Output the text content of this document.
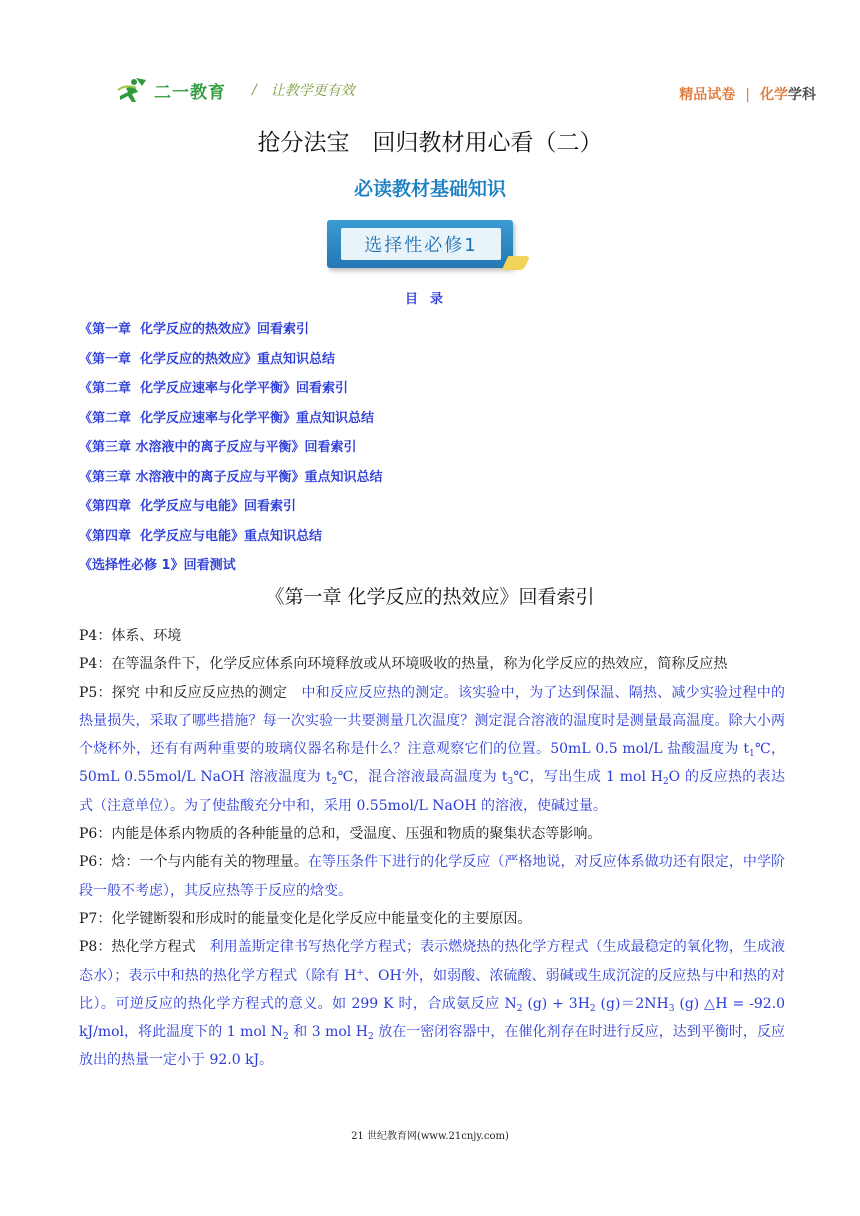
二一教育 / 让教学更有效	精品试卷 | 化学学科
抢分法宝　回归教材用心看（二）
必读教材基础知识
选择性必修1
目录
《第一章  化学反应的热效应》回看索引
《第一章  化学反应的热效应》重点知识总结
《第二章  化学反应速率与化学平衡》回看索引
《第二章  化学反应速率与化学平衡》重点知识总结
《第三章 水溶液中的离子反应与平衡》回看索引
《第三章 水溶液中的离子反应与平衡》重点知识总结
《第四章  化学反应与电能》回看索引
《第四章  化学反应与电能》重点知识总结
《选择性必修 1》回看测试
《第一章 化学反应的热效应》回看索引

P4：体系、环境

P4：在等温条件下，化学反应体系向环境释放或从环境吸收的热量，称为化学反应的热效应，简称反应热

P5：探究 中和反应反应热的测定　 中和反应反应热的测定。该实验中，为了达到保温、隔热、减少实验过程中的热量损失，采取了哪些措施？每一次实验一共要测量几次温度？测定混合溶液的温度时是测量最高温度。除大小两个烧杯外，还有有两种重要的玻璃仪器名称是什么？注意观察它们的位置。50mL 0.5 mol/L 盐酸温度为 $t_1℃$，50mL 0.55mol/L NaOH 溶液温度为 $t_2℃$，混合溶液最高温度为 $t_3℃$，写出生成 1 mol $H_2O$ 的反应热的表达式（注意单位）。为了使盐酸充分中和，采用 0.55mol/L NaOH 的溶液，使碱过量。

P6：内能是体系内物质的各种能量的总和，受温度、压强和物质的聚集状态等影响。

P6：焓：一个与内能有关的物理量。在等压条件下进行的化学反应（严格地说，对反应体系做功还有限定，中学阶段一般不考虑），其反应热等于反应的焓变。

P7：化学键断裂和形成时的能量变化是化学反应中能量变化的主要原因。

P8：热化学方程式　利用盖斯定律书写热化学方程式；表示燃烧热的热化学方程式（生成最稳定的氧化物，生成液态水）；表示中和热的热化学方程式（除有 H+、OH-外，如弱酸、浓硫酸、弱碱或生成沉淀的反应热与中和热的对比）。可逆反应的热化学方程式的意义。如 299 K 时，合成氨反应 $N_2$ $(g) + 3H_2$ $(g)=2NH_3$ (g) △H = -92.0 kJ/mol，将此温度下的 1 mol $N_2$ 和 3 mol $H_2$ 放在一密闭容器中，在催化剂存在时进行反应，达到平衡时，反应放出的热量一定小于 92.0 kJ。

21 世纪教育网(www.21cnjy.com)
